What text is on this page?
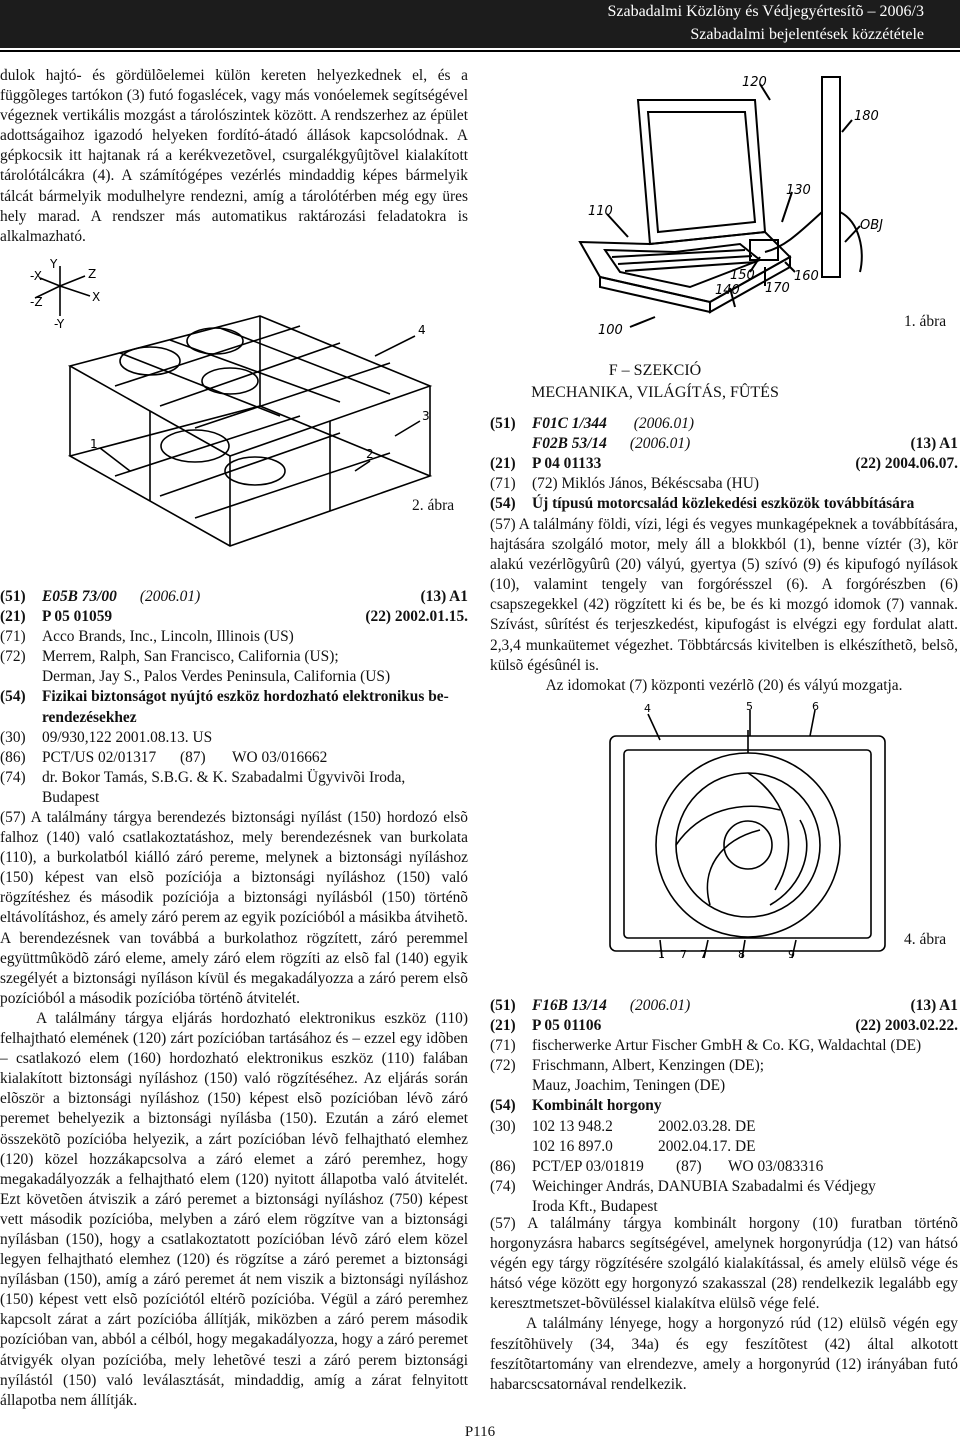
Szabadalmi Közlöny és Védjegyértesítõ – 2006/3
Szabadalmi bejelentések közzététele

dulok hajtó- és gördülõelemei külön kereten helyezkednek el, és a függõleges tartókon (3) futó fogaslécek, vagy más vonóelemek segítségével végeznek vertikális mozgást a tárolószintek között. A rendszerhez az épület adottságaihoz igazodó helyeken fordító-átadó állások kapcsolódnak. A gépkocsik itt hajtanak rá a kerékvezetõvel, csurgalékgyûjtõvel kialakított tárolótálcákra (4). A számítógépes vezérlés mindaddig képes bármelyik tálcát bármelyik modulhelyre rendezni, amíg a tárolótérben még egy üres hely marad. A rendszer más automatikus raktározási feladatokra is alkalmazható.

120
180
130
110
OBJ
150	160
140 170
100
1. ábra
Y
Z
X
-Z
-X
-Y	4
3
1
2
2. ábra
(51) E05B 73/00 (2006.01)	(13) A1
(21) P 05 01059	(22) 2002.01.15.
(71) Acco Brands, Inc., Lincoln, Illinois (US)
(72) Merrem, Ralph, San Francisco, California (US);
Derman, Jay S., Palos Verdes Peninsula, California (US)
(54) Fizikai biztonságot nyújtó eszköz hordozható elektronikus be-
rendezésekhez
(30) 09/930,122 2001.08.13. US
(86) PCT/US 02/01317 (87) WO 03/016662
(74) dr. Bokor Tamás, S.B.G. & K. Szabadalmi Ügyvivõi Iroda,
Budapest

(57) A találmány tárgya berendezés biztonsági nyílást (150) hordozó elsõ falhoz (140) való csatlakoztatáshoz, mely berendezésnek van burkolata (110), a burkolatból kiálló záró pereme, melynek a biztonsági nyíláshoz (150) képest van elsõ pozíciója a biztonsági nyíláshoz (150) való rögzítéshez és második pozíciója a biztonsági nyílásból (150) történõ eltávolításhoz, és amely záró perem az egyik pozícióból a másikba átvihetõ. A berendezésnek van továbbá a burkolathoz rögzített, záró peremmel együttmûködõ záró eleme, amely záró elem rögzíti az elsõ fal (140) egyik szegélyét a biztonsági nyíláson kívül és megakadályozza a záró perem elsõ pozícióból a második pozícióba történõ átvitelét.

A találmány tárgya eljárás hordozható elektronikus eszköz (110) felhajtható elemének (120) zárt pozícióban tartásához és – ezzel egy idõben – csatlakozó elem (160) hordozható elektronikus eszköz (110) falában kialakított biztonsági nyíláshoz (150) való rögzítéséhez. Az eljárás során elõször a biztonsági nyíláshoz (150) képest elsõ pozícióban lévõ záró peremet behelyezik a biztonsági nyílásba (150). Ezután a záró elemet összekötõ pozícióba helyezik, a zárt pozícióban lévõ felhajtható elemhez (120) közel hozzákapcsolva a záró elemet a záró peremhez, hogy megakadályozzák a felhajtható elem (120) nyitott állapotba való átvitelét. Ezt követõen átviszik a záró peremet a biztonsági nyíláshoz (750) képest vett második pozícióba, melyben a záró elem rögzítve van a biztonsági nyílásban (150), hogy a csatlakoztatott pozícióban lévõ záró elem közel legyen felhajtható elemhez (120) és rögzítse a záró peremet a biztonsági nyílásban (150), amíg a záró peremet át nem viszik a biztonsági nyíláshoz (150) képest vett elsõ pozíciótól eltérõ pozícióba. Végül a záró peremhez kapcsolt zárat a zárt pozícióba állítják, miközben a záró perem második pozícióban van, abból a célból, hogy megakadályozza, hogy a záró peremet átvigyék olyan pozícióba, mely lehetõvé teszi a záró perem biztonsági nyílástól (150) való leválasztását, mindaddig, amíg a zárat felnyitott állapotba nem állítják.

F – SZEKCIÓ
MECHANIKA, VILÁGÍTÁS, FÛTÉS
(51) F01C 1/344 (2006.01)
F02B 53/14 (2006.01)	(13) A1
(21) P 04 01133	(22) 2004.06.07.
(71) (72) Miklós János, Békéscsaba (HU)
(54) Új típusú motorcsalád közlekedési eszközök továbbítására

(57) A találmány földi, vízi, légi és vegyes munkagépeknek a továbbítására, hajtására szolgáló motor, mely áll a blokkból (1), benne víztér (3), kör alakú vezérlõgyûrû (20) vályú, gyertya (5) szívó (9) és kipufogó nyílások (10), valamint tengely van forgórésszel (6). A forgórészben (6) csapszegekkel (42) rögzített ki és be, be és ki mozgó idomok (7) vannak. Szívást, sûrítést és terjeszkedést, kipufogást is elvégzi egy fordulat alatt. 2,3,4 munkaütemet végezhet. Többtárcsás kivitelben is elkészíthetõ, belsõ, külsõ égésûnél is.

Az idomokat (7) központi vezérlõ (20) és vályú mozgatja.

4	5	6
7
1	7	8	9
4. ábra
(51) F16B 13/14 (2006.01)	(13) A1
(21) P 05 01106	(22) 2003.02.22.
(71) fischerwerke Artur Fischer GmbH & Co. KG, Waldachtal (DE)
(72) Frischmann, Albert, Kenzingen (DE);
Mauz, Joachim, Teningen (DE)
(54) Kombinált horgony
(30) 102 13 948.2	2002.03.28. DE
102 16 897.0	2002.04.17. DE
(86) PCT/EP 03/01819 (87) WO 03/083316
(74) Weichinger András, DANUBIA Szabadalmi és Védjegy
Iroda Kft., Budapest

(57) A találmány tárgya kombinált horgony (10) furatban történõ horgonyzásra habarcs segítségével, amelynek horgonyrúdja (12) van hátsó végén egy tárgy rögzítésére szolgáló kialakítással, és amely elülsõ vége és hátsó vége között egy horgonyzó szakasszal (28) rendelkezik legalább egy keresztmetszet-bõvüléssel kialakítva elülsõ vége felé.

A találmány lényege, hogy a horgonyzó rúd (12) elülsõ végén egy feszítõhüvely (34, 34a) és egy feszítõtest (42) által alkotott feszítõtartomány van elrendezve, amely a horgonyrúd (12) irányában futó habarcscsatornával rendelkezik.

P116
